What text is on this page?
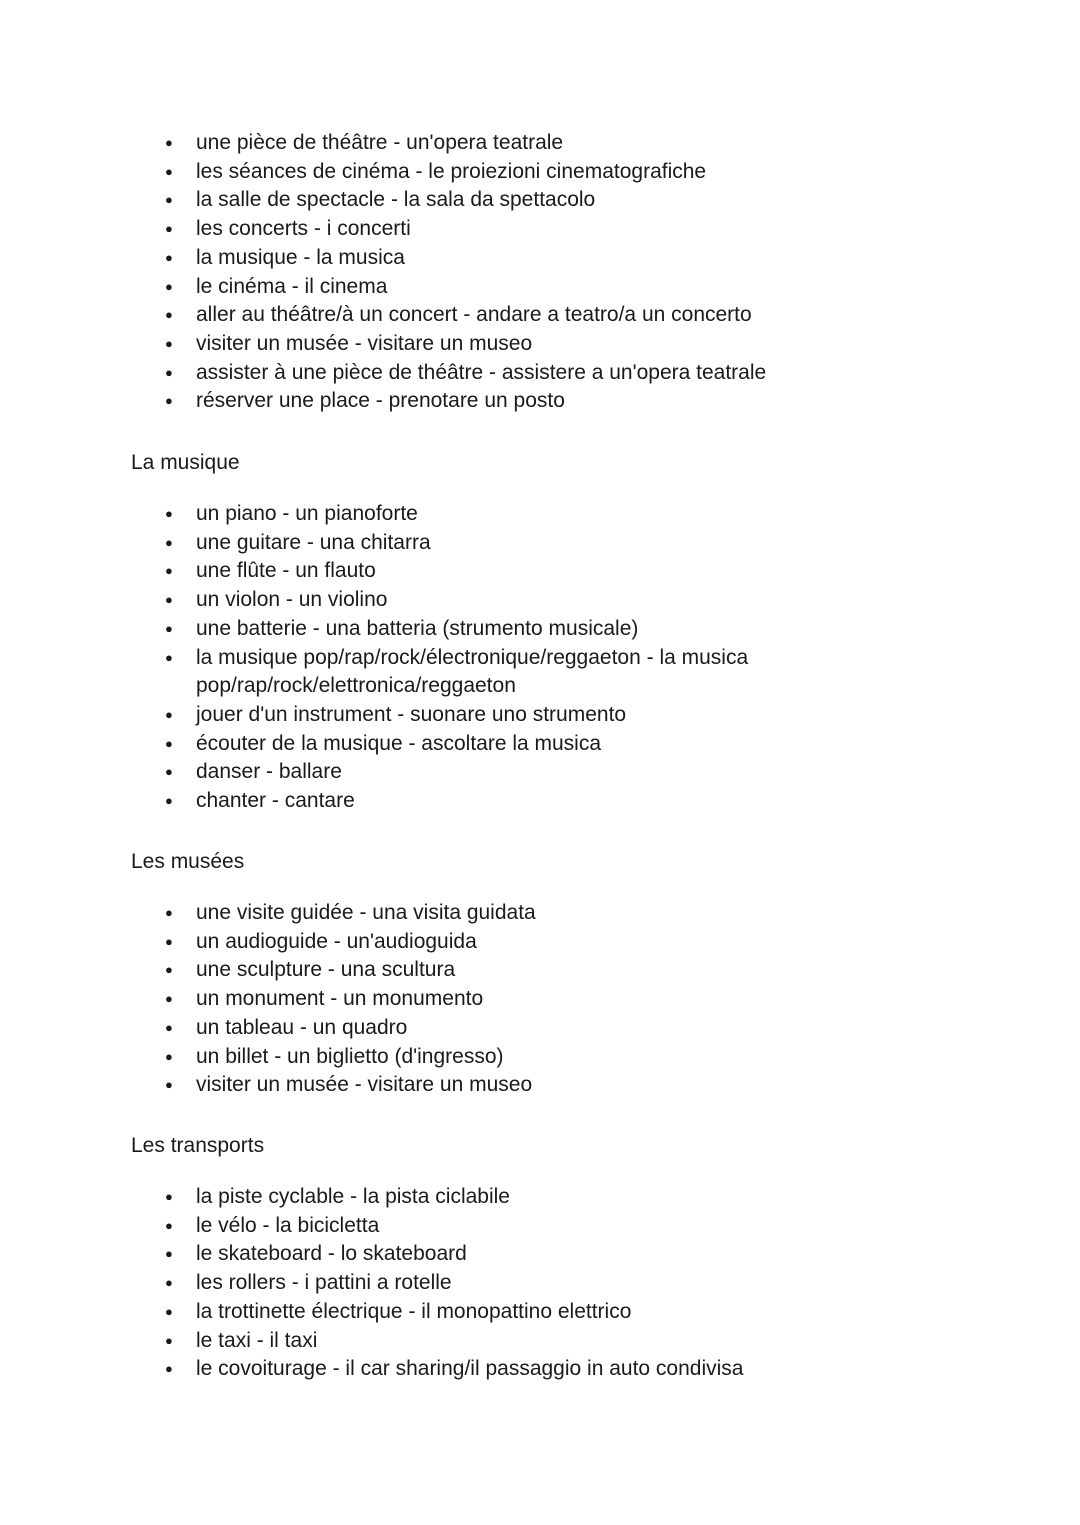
● une pièce de théâtre - un'opera teatrale
● les séances de cinéma - le proiezioni cinematografiche
● la salle de spectacle - la sala da spettacolo
● les concerts - i concerti
● la musique - la musica
● le cinéma - il cinema
● aller au théâtre/à un concert - andare a teatro/a un concerto
● visiter un musée - visitare un museo
● assister à une pièce de théâtre - assistere a un'opera teatrale
● réserver une place - prenotare un posto
La musique
● un piano - un pianoforte
● une guitare - una chitarra
● une flûte - un flauto
● un violon - un violino
● une batterie - una batteria (strumento musicale)
● la musique pop/rap/rock/électronique/reggaeton - la musica pop/rap/rock/elettronica/reggaeton
● jouer d'un instrument - suonare uno strumento
● écouter de la musique - ascoltare la musica
● danser - ballare
● chanter - cantare
Les musées
● une visite guidée - una visita guidata
● un audioguide - un'audioguida
● une sculpture - una scultura
● un monument - un monumento
● un tableau - un quadro
● un billet - un biglietto (d'ingresso)
● visiter un musée - visitare un museo
Les transports
● la piste cyclable - la pista ciclabile
● le vélo - la bicicletta
● le skateboard - lo skateboard
● les rollers - i pattini a rotelle
● la trottinette électrique - il monopattino elettrico
● le taxi - il taxi
● le covoiturage - il car sharing/il passaggio in auto condivisa
